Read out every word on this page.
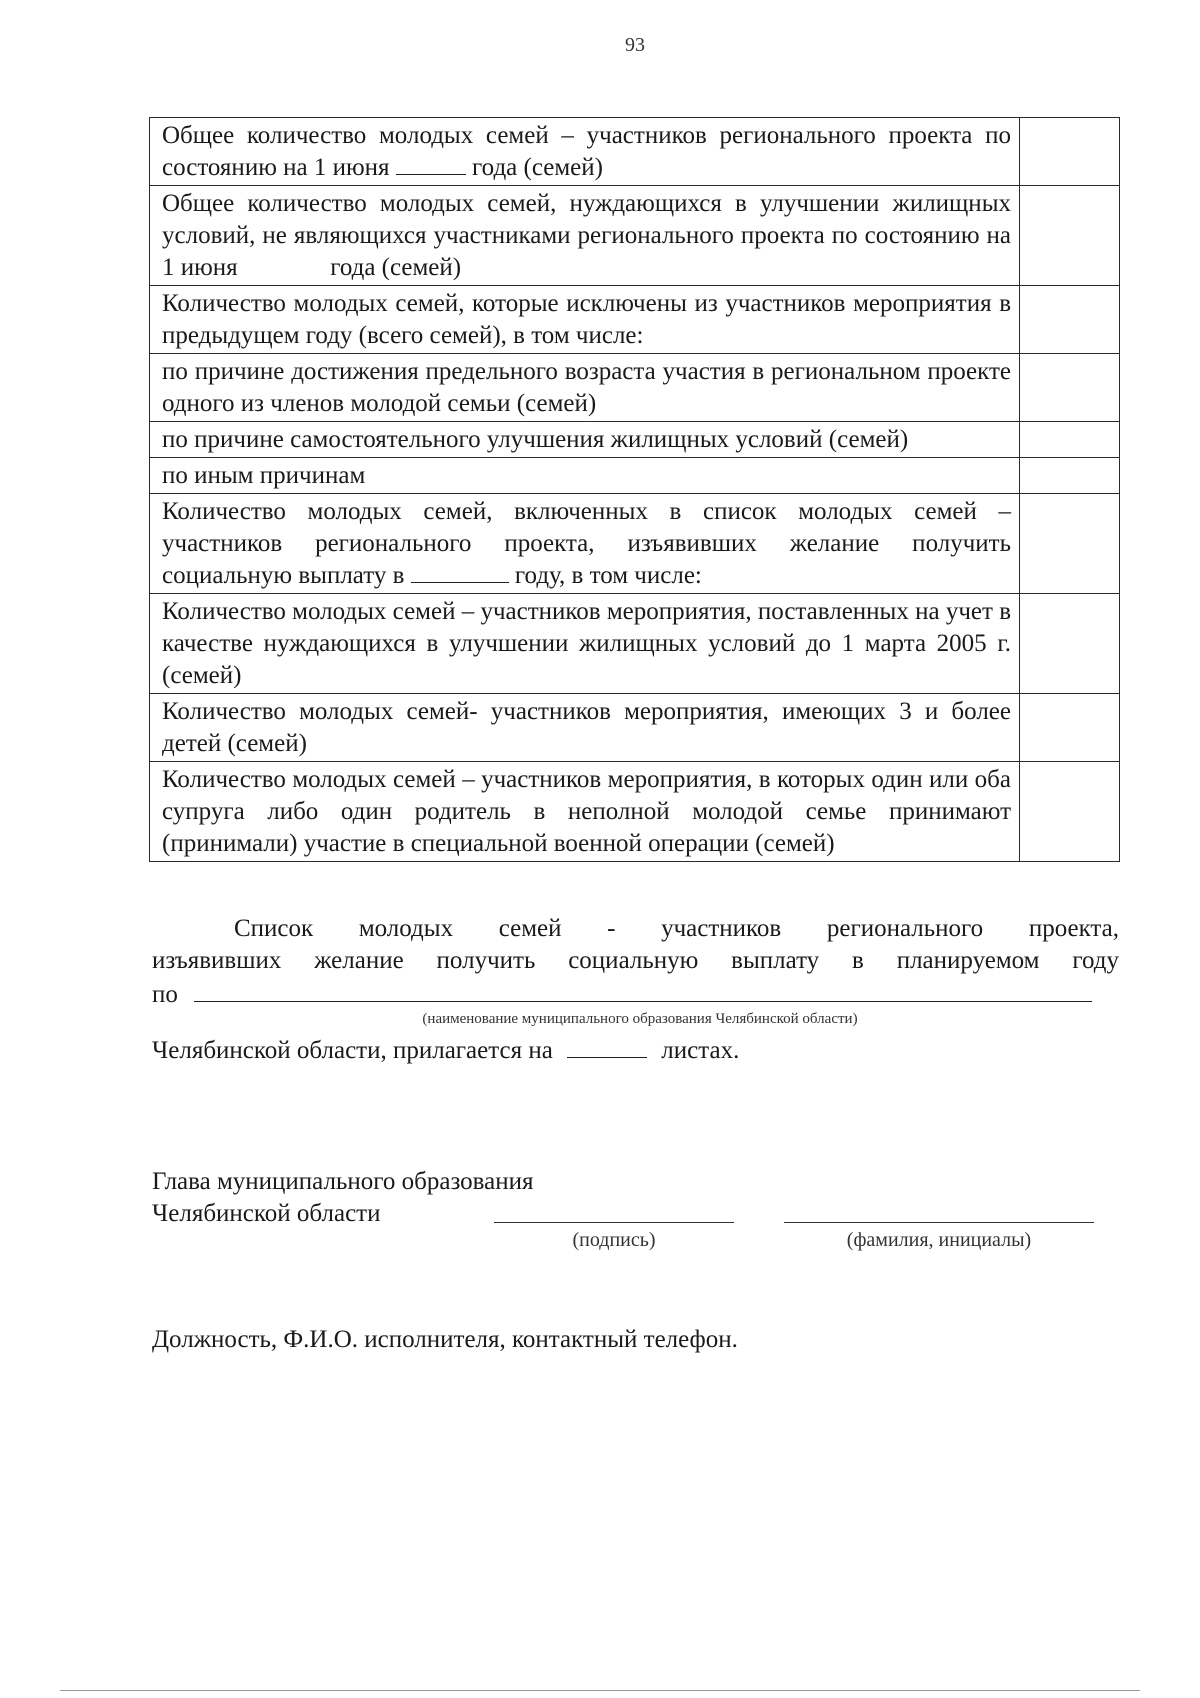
93
Общее количество молодых семей – участников регионального проекта по состоянию на 1 июня года (семей)	
Общее количество молодых семей, нуждающихся в улучшении жилищных условий, не являющихся участниками регионального проекта по состоянию на 1 июня года (семей)	
Количество молодых семей, которые исключены из участников мероприятия в предыдущем году (всего семей), в том числе:	
по причине достижения предельного возраста участия в региональном проекте одного из членов молодой семьи (семей)	
по причине самостоятельного улучшения жилищных условий (семей)	
по иным причинам	
Количество молодых семей, включенных в список молодых семей – участников регионального проекта, изъявивших желание получить социальную выплату в году, в том числе:	
Количество молодых семей – участников мероприятия, поставленных на учет в качестве нуждающихся в улучшении жилищных условий до 1 марта 2005 г. (семей)	
Количество молодых семей- участников мероприятия, имеющих 3 и более детей (семей)	
Количество молодых семей – участников мероприятия, в которых один или оба супруга либо один родитель в неполной молодой семье принимают (принимали) участие в специальной военной операции (семей)	
Список молодых семей - участников регионального проекта,
изъявивших желание получить социальную выплату в планируемом году
по
(наименование муниципального образования Челябинской области)
Челябинской области, прилагается на	листах.
Глава муниципального образования
Челябинской области
(подпись)	(фамилия, инициалы)
Должность, Ф.И.О. исполнителя, контактный телефон.
